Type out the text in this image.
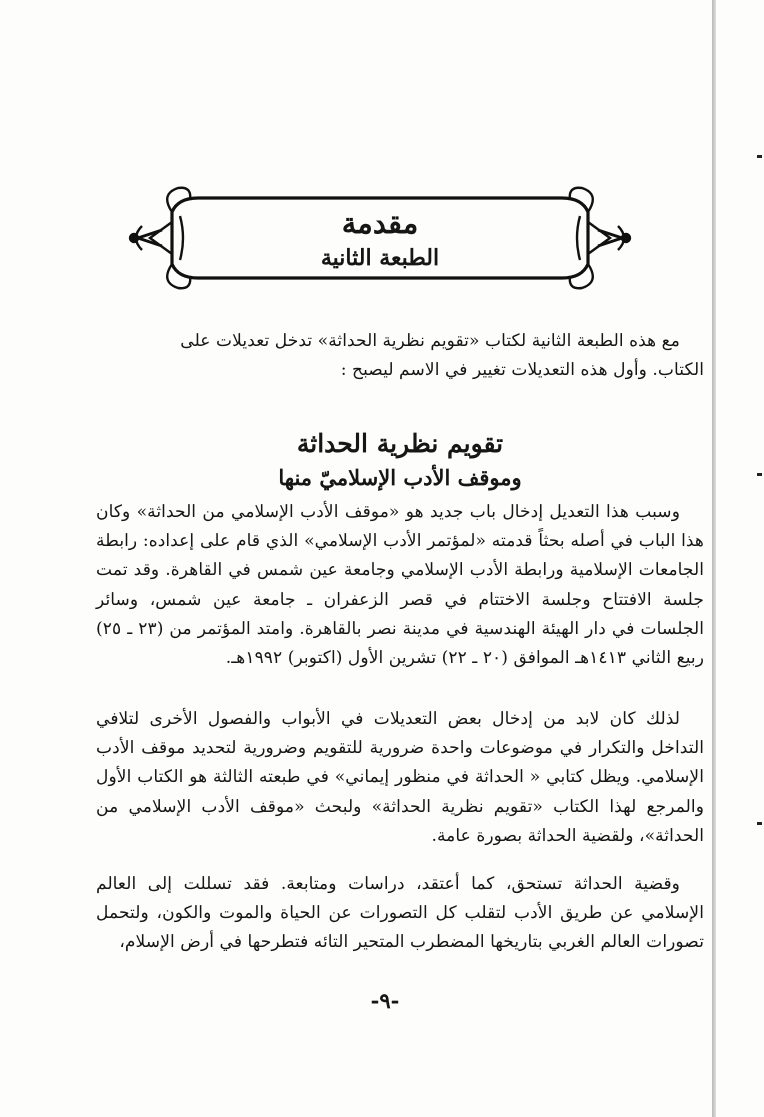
مقدمة
الطبعة الثانية
مع هذه الطبعة الثانية لكتاب «تقويم نظرية الحداثة» تدخل تعديلات على
الكتاب. وأول هذه التعديلات تغيير في الاسم ليصبح :
تقويم نظرية الحداثة
وموقف الأدب الإسلاميّ منها

وسبب هذا التعديل إدخال باب جديد هو «موقف الأدب الإسلامي من الحداثة» وكان هذا الباب في أصله بحثاً قدمته «لمؤتمر الأدب الإسلامي» الذي قام على إعداده: رابطة الجامعات الإسلامية ورابطة الأدب الإسلامي وجامعة عين شمس في القاهرة. وقد تمت جلسة الافتتاح وجلسة الاختتام في قصر الزعفران ـ جامعة عين شمس، وسائر الجلسات في دار الهيئة الهندسية في مدينة نصر بالقاهرة. وامتد المؤتمر من (٢٣ ـ ٢٥) ربيع الثاني ١٤١٣هـ الموافق (٢٠ ـ ٢٢) تشرين الأول (اكتوبر) ١٩٩٢هـ.

لذلك كان لابد من إدخال بعض التعديلات في الأبواب والفصول الأخرى لتلافي التداخل والتكرار في موضوعات واحدة ضرورية للتقويم وضرورية لتحديد موقف الأدب الإسلامي. ويظل كتابي « الحداثة في منظور إيماني» في طبعته الثالثة هو الكتاب الأول والمرجع لهذا الكتاب «تقويم نظرية الحداثة» ولبحث «موقف الأدب الإسلامي من الحداثة»، ولقضية الحداثة بصورة عامة.

وقضية الحداثة تستحق، كما أعتقد، دراسات ومتابعة. فقد تسللت إلى العالم الإسلامي عن طريق الأدب لتقلب كل التصورات عن الحياة والموت والكون، ولتحمل تصورات العالم الغربي بتاريخها المضطرب المتحير التائه فتطرحها في أرض الإسلام،

-٩-
